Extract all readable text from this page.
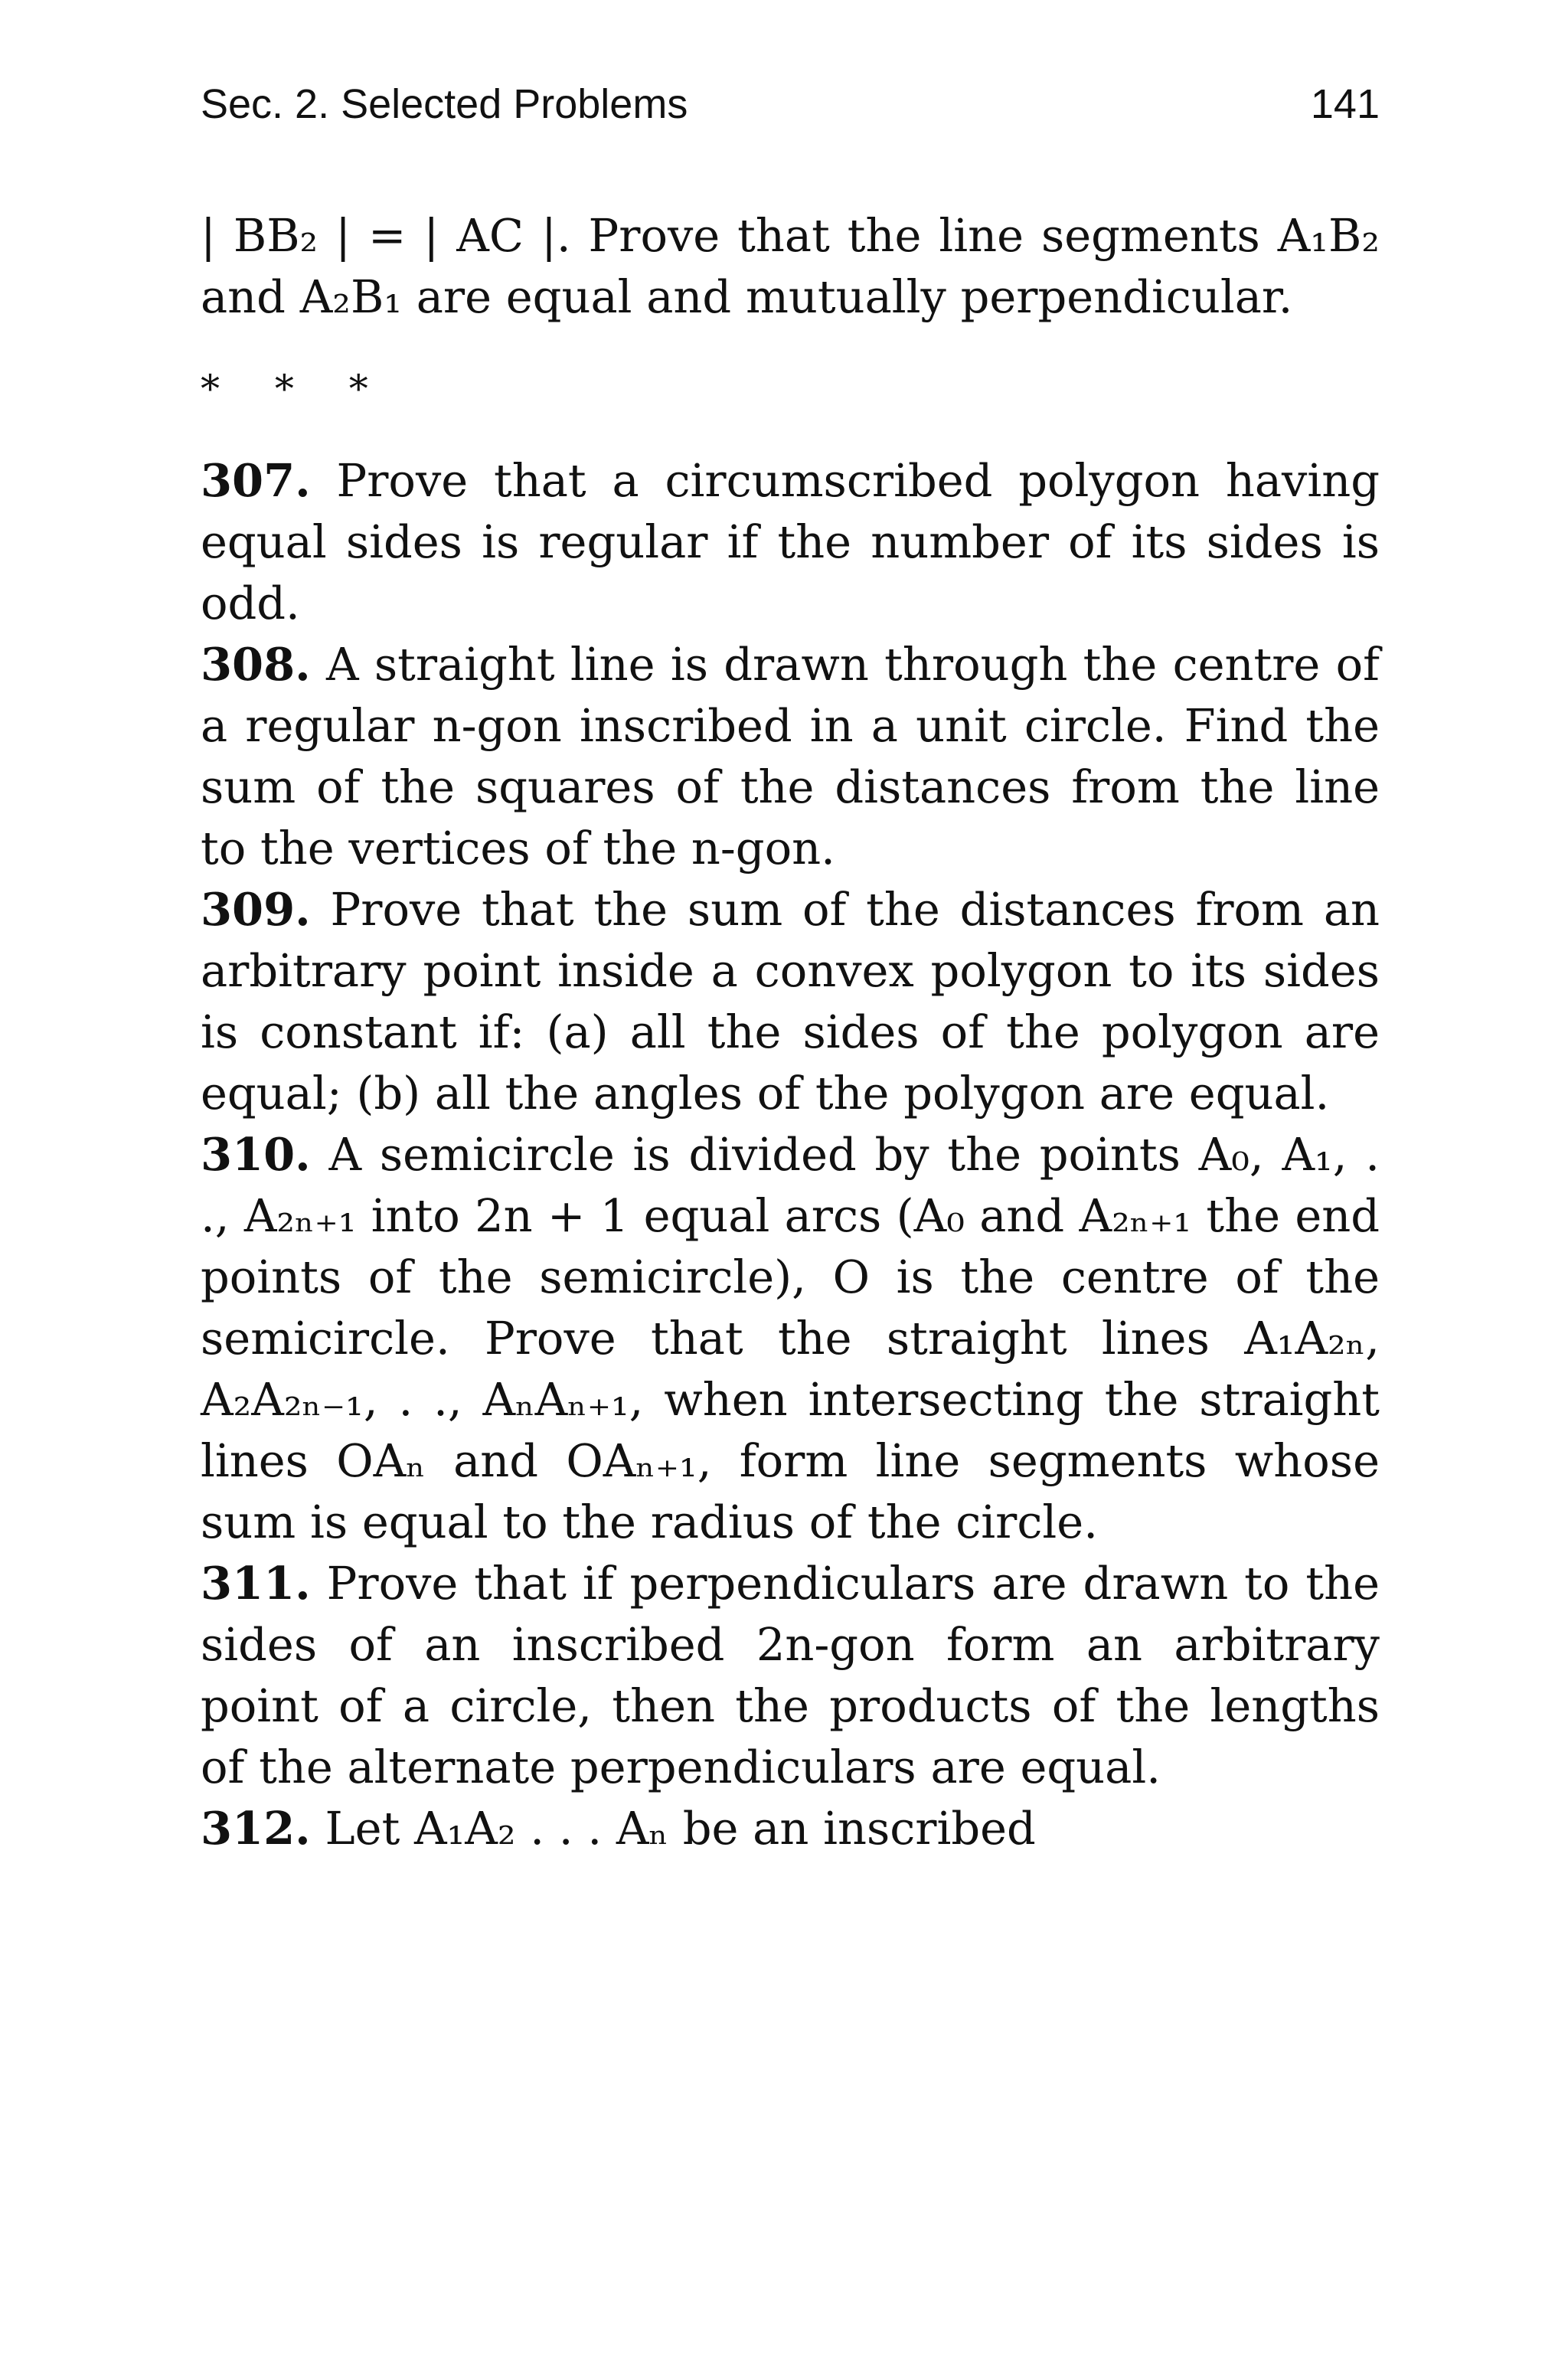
Sec. 2. Selected Problems	141

| BB₂ | = | AC |. Prove that the line segments A₁B₂ and A₂B₁ are equal and mutually perpendicular.

* * *

307. Prove that a circumscribed polygon having equal sides is regular if the number of its sides is odd.

308. A straight line is drawn through the centre of a regular n-gon inscribed in a unit circle. Find the sum of the squares of the distances from the line to the vertices of the n-gon.

309. Prove that the sum of the distances from an arbitrary point inside a convex polygon to its sides is constant if: (a) all the sides of the polygon are equal; (b) all the angles of the polygon are equal.

310. A semicircle is divided by the points A₀, A₁, . ., A₂ₙ₊₁ into 2n + 1 equal arcs (A₀ and A₂ₙ₊₁ the end points of the semicircle), O is the centre of the semicircle. Prove that the straight lines A₁A₂ₙ, A₂A₂ₙ₋₁, . ., AₙAₙ₊₁, when intersecting the straight lines OAₙ and OAₙ₊₁, form line segments whose sum is equal to the radius of the circle.

311. Prove that if perpendiculars are drawn to the sides of an inscribed 2n-gon form an arbitrary point of a circle, then the products of the lengths of the alternate perpendiculars are equal.

312. Let A₁A₂ . . . Aₙ be an inscribed
